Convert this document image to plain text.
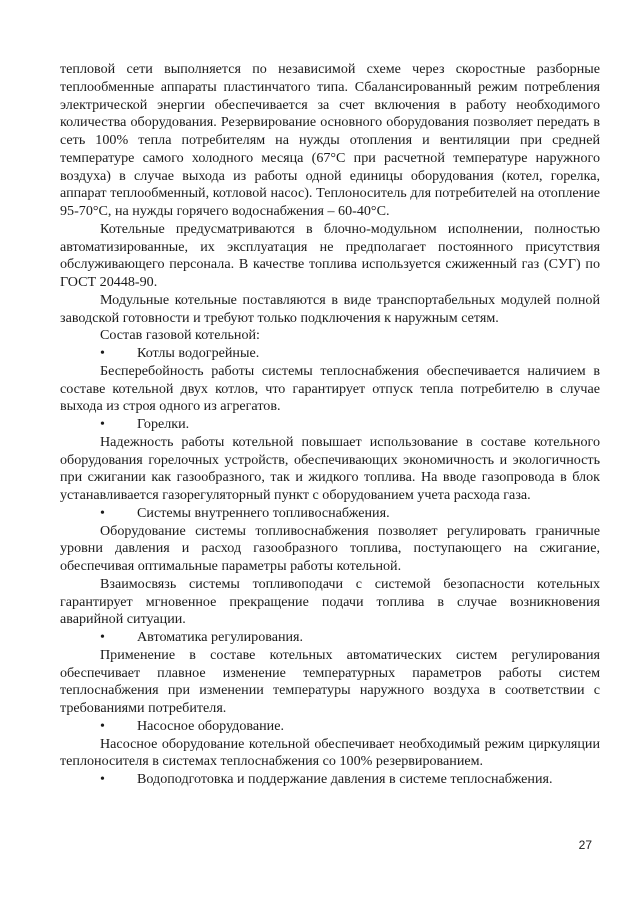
тепловой сети выполняется по независимой схеме через скоростные разборные теплообменные аппараты пластинчатого типа. Сбалансированный режим потребления электрической энергии обеспечивается за счет включения в работу необходимого количества оборудования. Резервирование основного оборудования позволяет передать в сеть 100% тепла потребителям на нужды отопления и вентиляции при средней температуре самого холодного месяца (67°С при расчетной температуре наружного воздуха) в случае выхода из работы одной единицы оборудования (котел, горелка, аппарат теплообменный, котловой насос). Теплоноситель для потребителей на отопление 95-70°С, на нужды горячего водоснабжения – 60-40°С.

Котельные предусматриваются в блочно-модульном исполнении, полностью автоматизированные, их эксплуатация не предполагает постоянного присутствия обслуживающего персонала. В качестве топлива используется сжиженный газ (СУГ) по ГОСТ 20448-90.

Модульные котельные поставляются в виде транспортабельных модулей полной заводской готовности и требуют только подключения к наружным сетям.

Состав газовой котельной:

• Котлы водогрейные.

Бесперебойность работы системы теплоснабжения обеспечивается наличием в составе котельной двух котлов, что гарантирует отпуск тепла потребителю в случае выхода из строя одного из агрегатов.

• Горелки.

Надежность работы котельной повышает использование в составе котельного оборудования горелочных устройств, обеспечивающих экономичность и экологичность при сжигании как газообразного, так и жидкого топлива. На вводе газопровода в блок устанавливается газорегуляторный пункт с оборудованием учета расхода газа.

• Системы внутреннего топливоснабжения.

Оборудование системы топливоснабжения позволяет регулировать граничные уровни давления и расход газообразного топлива, поступающего на сжигание, обеспечивая оптимальные параметры работы котельной.

Взаимосвязь системы топливоподачи с системой безопасности котельных гарантирует мгновенное прекращение подачи топлива в случае возникновения аварийной ситуации.

• Автоматика регулирования.

Применение в составе котельных автоматических систем регулирования обеспечивает плавное изменение температурных параметров работы систем теплоснабжения при изменении температуры наружного воздуха в соответствии с требованиями потребителя.

• Насосное оборудование.

Насосное оборудование котельной обеспечивает необходимый режим циркуляции теплоносителя в системах теплоснабжения со 100% резервированием.

• Водоподготовка и поддержание давления в системе теплоснабжения.

27
